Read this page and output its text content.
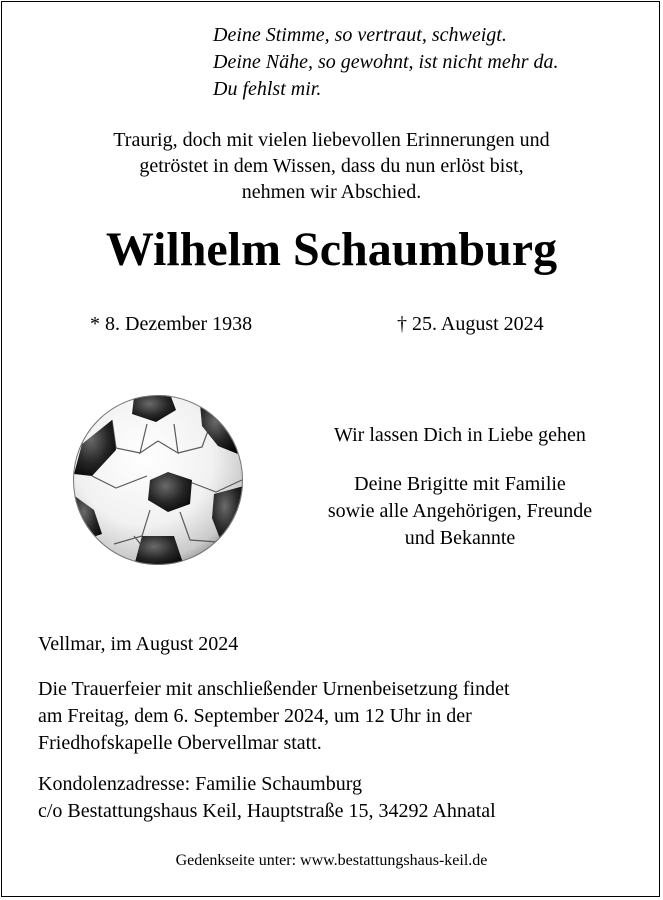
Deine Stimme, so vertraut, schweigt.
Deine Nähe, so gewohnt, ist nicht mehr da.
Du fehlst mir.
Traurig, doch mit vielen liebevollen Erinnerungen und
getröstet in dem Wissen, dass du nun erlöst bist,
nehmen wir Abschied.
Wilhelm Schaumburg
* 8. Dezember 1938	† 25. August 2024
Wir lassen Dich in Liebe gehen
Deine Brigitte mit Familie
sowie alle Angehörigen, Freunde
und Bekannte
Vellmar, im August 2024
Die Trauerfeier mit anschließender Urnenbeisetzung findet
am Freitag, dem 6. September 2024, um 12 Uhr in der
Friedhofskapelle Obervellmar statt.
Kondolenzadresse: Familie Schaumburg
c/o Bestattungshaus Keil, Hauptstraße 15, 34292 Ahnatal
Gedenkseite unter: www.bestattungshaus-keil.de
